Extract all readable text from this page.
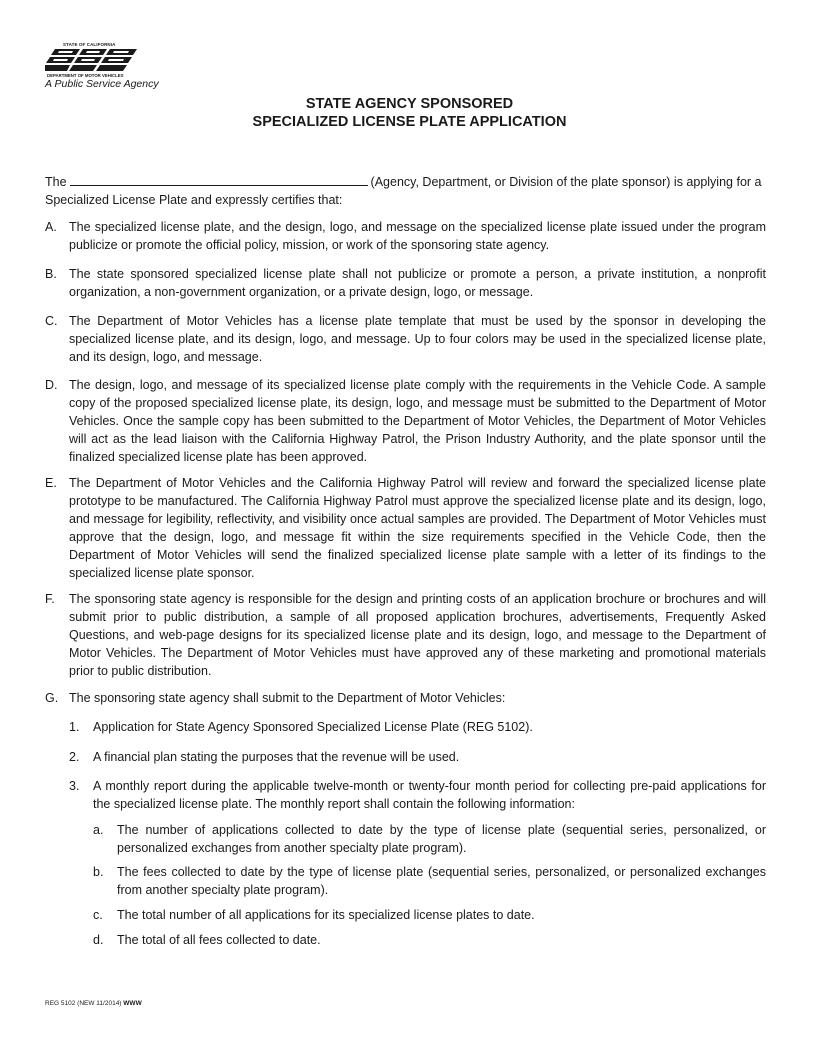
STATE OF CALIFORNIA
DEPARTMENT OF MOTOR VEHICLES
A Public Service Agency
STATE AGENCY SPONSORED
SPECIALIZED LICENSE PLATE APPLICATION
The	(Agency, Department, or Division of the plate sponsor) is applying for a Specialized License Plate and expressly certifies that:
A. The specialized license plate, and the design, logo, and message on the specialized license plate issued under the program publicize or promote the official policy, mission, or work of the sponsoring state agency.
B. The state sponsored specialized license plate shall not publicize or promote a person, a private institution, a nonprofit organization, a non-government organization, or a private design, logo, or message.
C. The Department of Motor Vehicles has a license plate template that must be used by the sponsor in developing the specialized license plate, and its design, logo, and message. Up to four colors may be used in the specialized license plate, and its design, logo, and message.
D. The design, logo, and message of its specialized license plate comply with the requirements in the Vehicle Code. A sample copy of the proposed specialized license plate, its design, logo, and message must be submitted to the Department of Motor Vehicles. Once the sample copy has been submitted to the Department of Motor Vehicles, the Department of Motor Vehicles will act as the lead liaison with the California Highway Patrol, the Prison Industry Authority, and the plate sponsor until the finalized specialized license plate has been approved.
E. The Department of Motor Vehicles and the California Highway Patrol will review and forward the specialized license plate prototype to be manufactured. The California Highway Patrol must approve the specialized license plate and its design, logo, and message for legibility, reflectivity, and visibility once actual samples are provided. The Department of Motor Vehicles must approve that the design, logo, and message fit within the size requirements specified in the Vehicle Code, then the Department of Motor Vehicles will send the finalized specialized license plate sample with a letter of its findings to the specialized license plate sponsor.
F. The sponsoring state agency is responsible for the design and printing costs of an application brochure or brochures and will submit prior to public distribution, a sample of all proposed application brochures, advertisements, Frequently Asked Questions, and web-page designs for its specialized license plate and its design, logo, and message to the Department of Motor Vehicles. The Department of Motor Vehicles must have approved any of these marketing and promotional materials prior to public distribution.
G. The sponsoring state agency shall submit to the Department of Motor Vehicles:
1. Application for State Agency Sponsored Specialized License Plate (REG 5102).
2. A financial plan stating the purposes that the revenue will be used.
3. A monthly report during the applicable twelve-month or twenty-four month period for collecting pre-paid applications for the specialized license plate. The monthly report shall contain the following information:
a. The number of applications collected to date by the type of license plate (sequential series, personalized, or personalized exchanges from another specialty plate program).
b. The fees collected to date by the type of license plate (sequential series, personalized, or personalized exchanges from another specialty plate program).
c. The total number of all applications for its specialized license plates to date.
d. The total of all fees collected to date.
REG 5102 (NEW 11/2014) WWW
